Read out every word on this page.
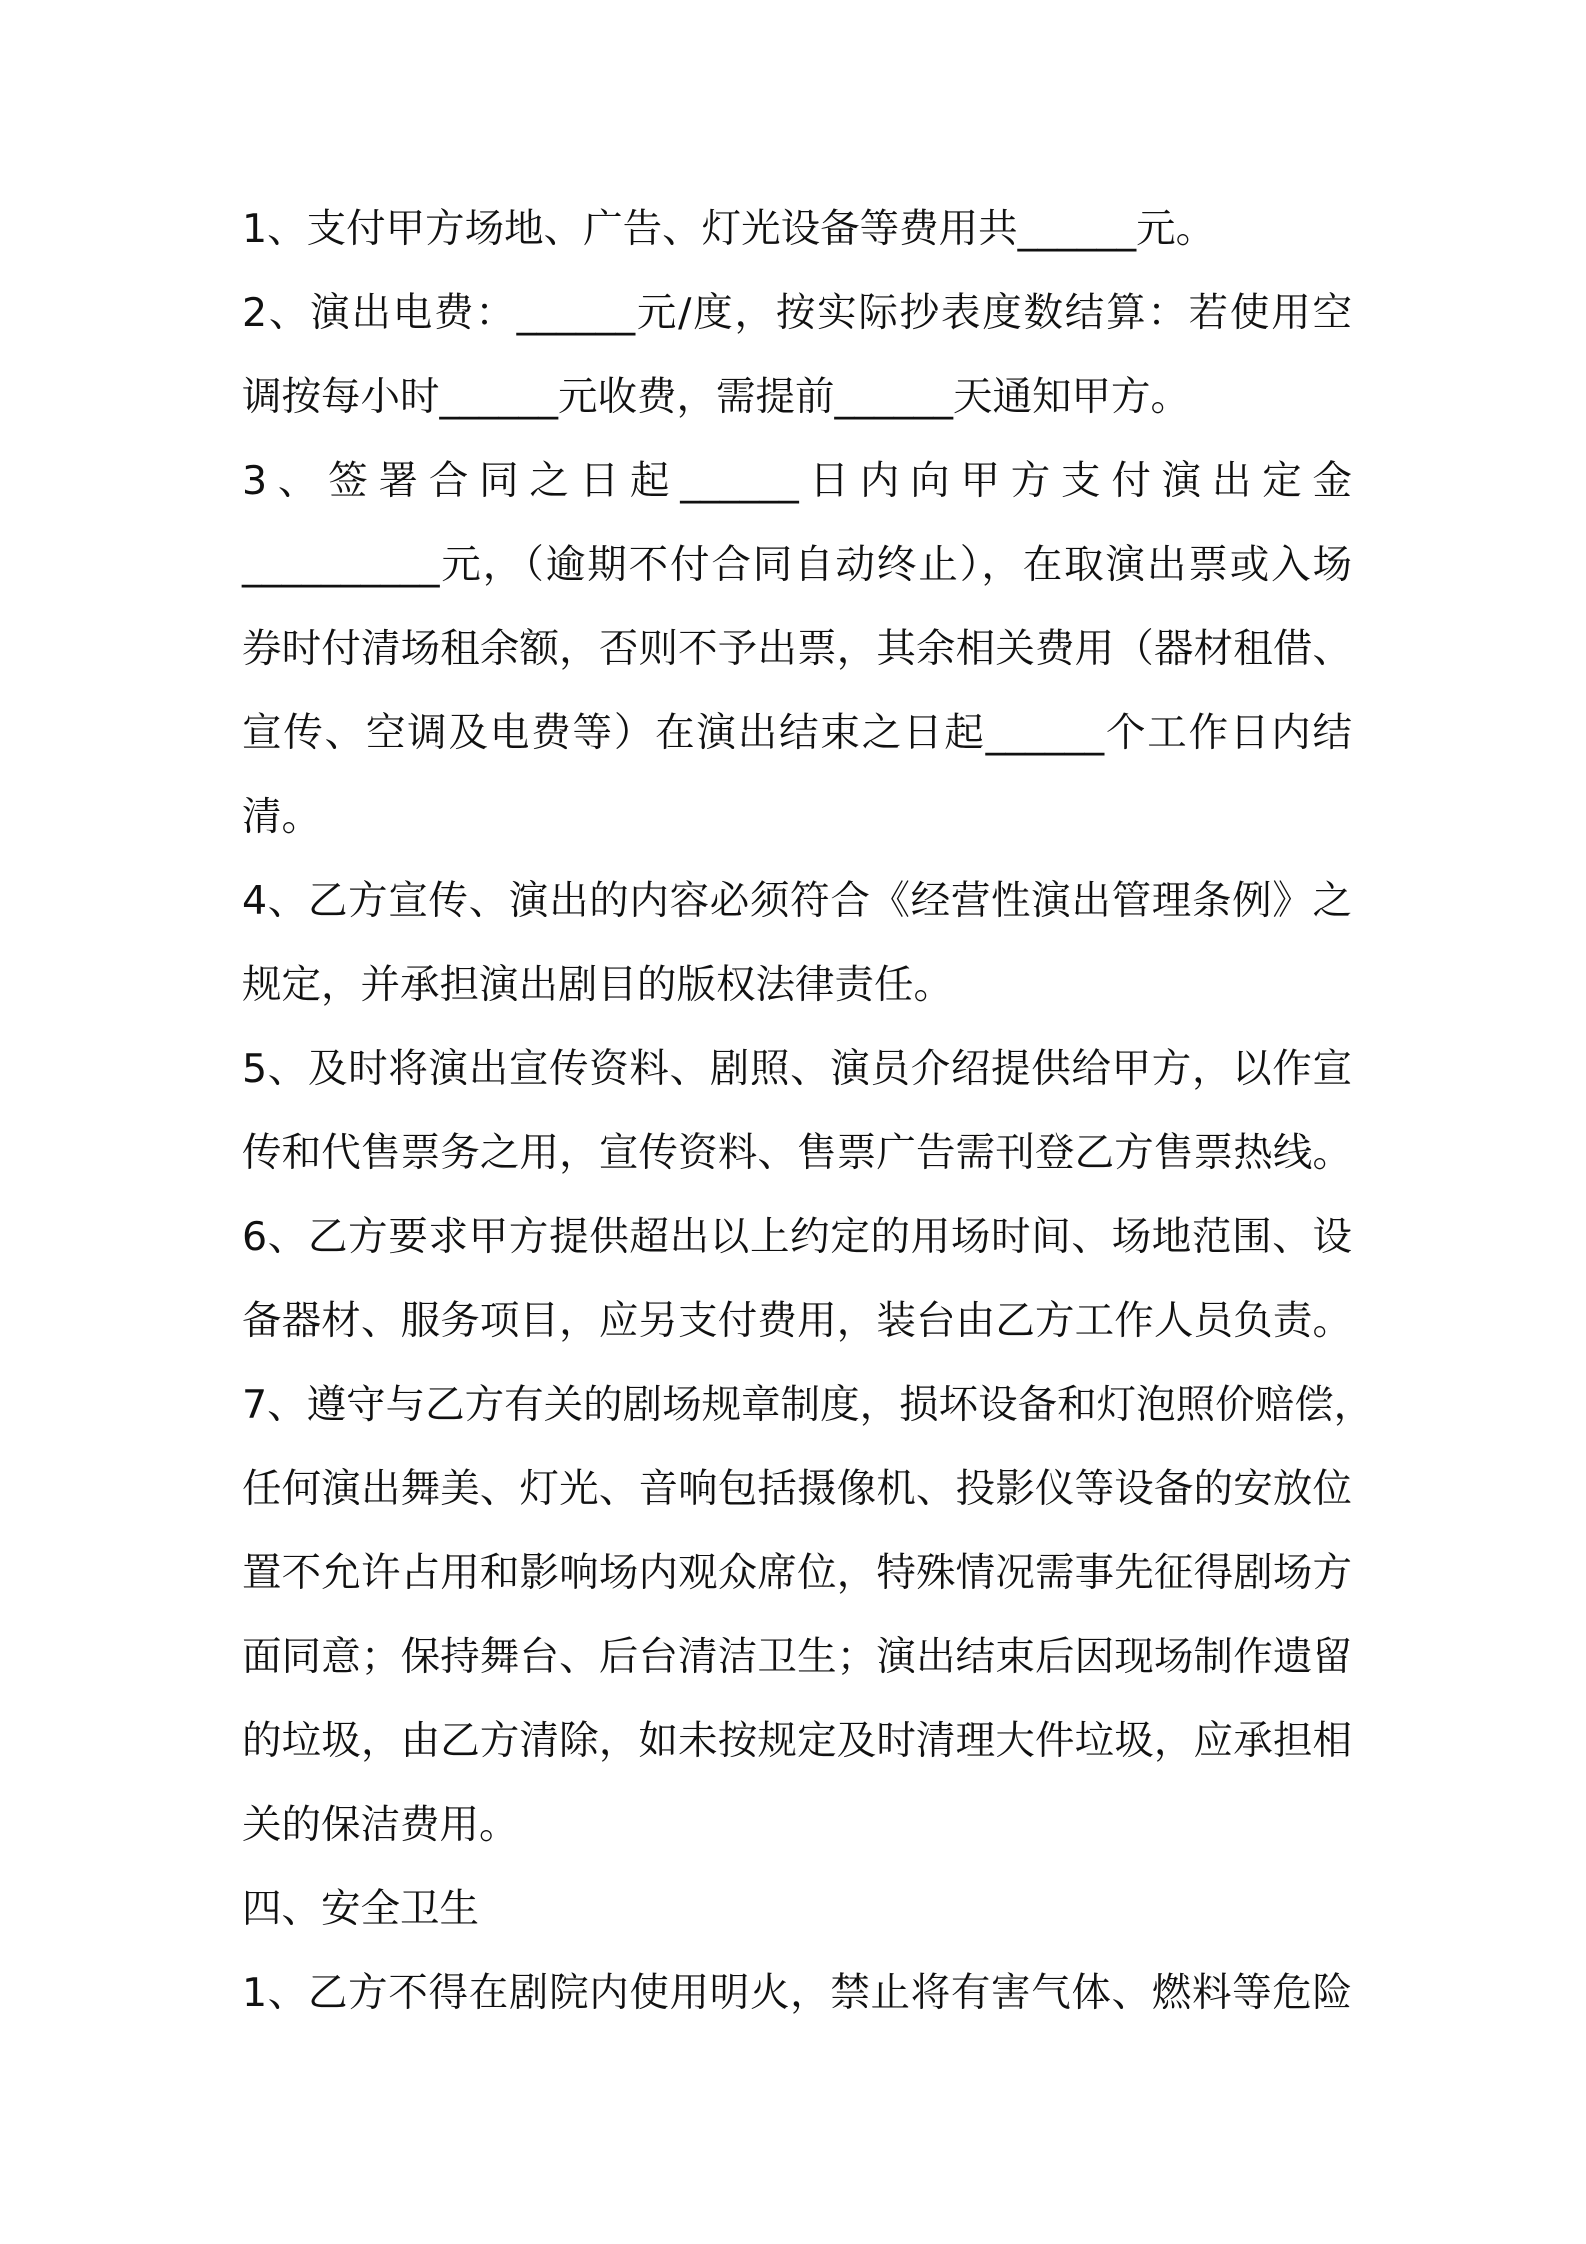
1、支付甲方场地、广告、灯光设备等费用共______元。
2、演出电费：______元/度，按实际抄表度数结算：若使用空
调按每小时______元收费，需提前______天通知甲方。
3、签署合同之日起______日内向甲方支付演出定金
__________元，（逾期不付合同自动终止），在取演出票或入场
券时付清场租余额，否则不予出票，其余相关费用（器材租借、
宣传、空调及电费等）在演出结束之日起______个工作日内结
清。
4、乙方宣传、演出的内容必须符合《经营性演出管理条例》之
规定，并承担演出剧目的版权法律责任。
5、及时将演出宣传资料、剧照、演员介绍提供给甲方，以作宣
传和代售票务之用，宣传资料、售票广告需刊登乙方售票热线。
6、乙方要求甲方提供超出以上约定的用场时间、场地范围、设
备器材、服务项目，应另支付费用，装台由乙方工作人员负责。
7、遵守与乙方有关的剧场规章制度，损坏设备和灯泡照价赔偿，
任何演出舞美、灯光、音响包括摄像机、投影仪等设备的安放位
置不允许占用和影响场内观众席位，特殊情况需事先征得剧场方
面同意；保持舞台、后台清洁卫生；演出结束后因现场制作遗留
的垃圾，由乙方清除，如未按规定及时清理大件垃圾，应承担相
关的保洁费用。
四、安全卫生
1、乙方不得在剧院内使用明火，禁止将有害气体、燃料等危险
